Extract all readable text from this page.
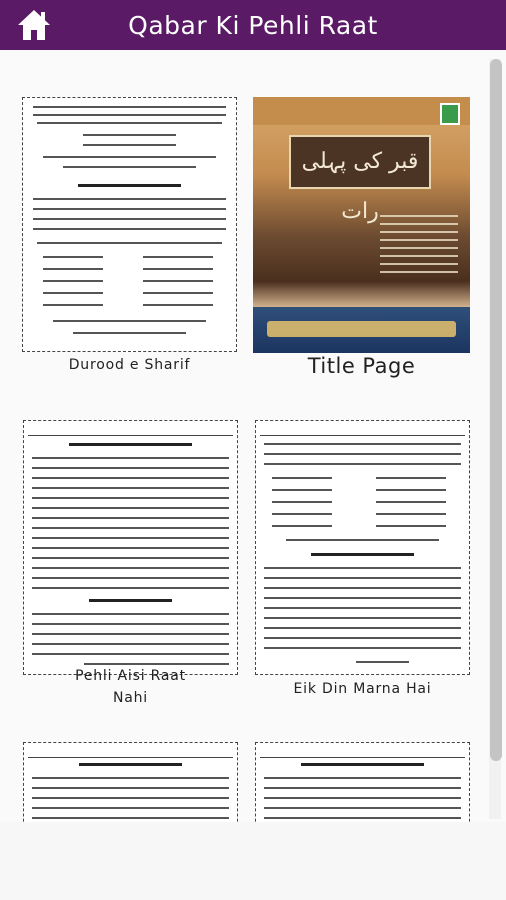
Qabar Ki Pehli Raat
Durood e Sharif
قبر کی پہلی رات
Title Page
Pehli Aisi Raat
Nahi
Eik Din Marna Hai
